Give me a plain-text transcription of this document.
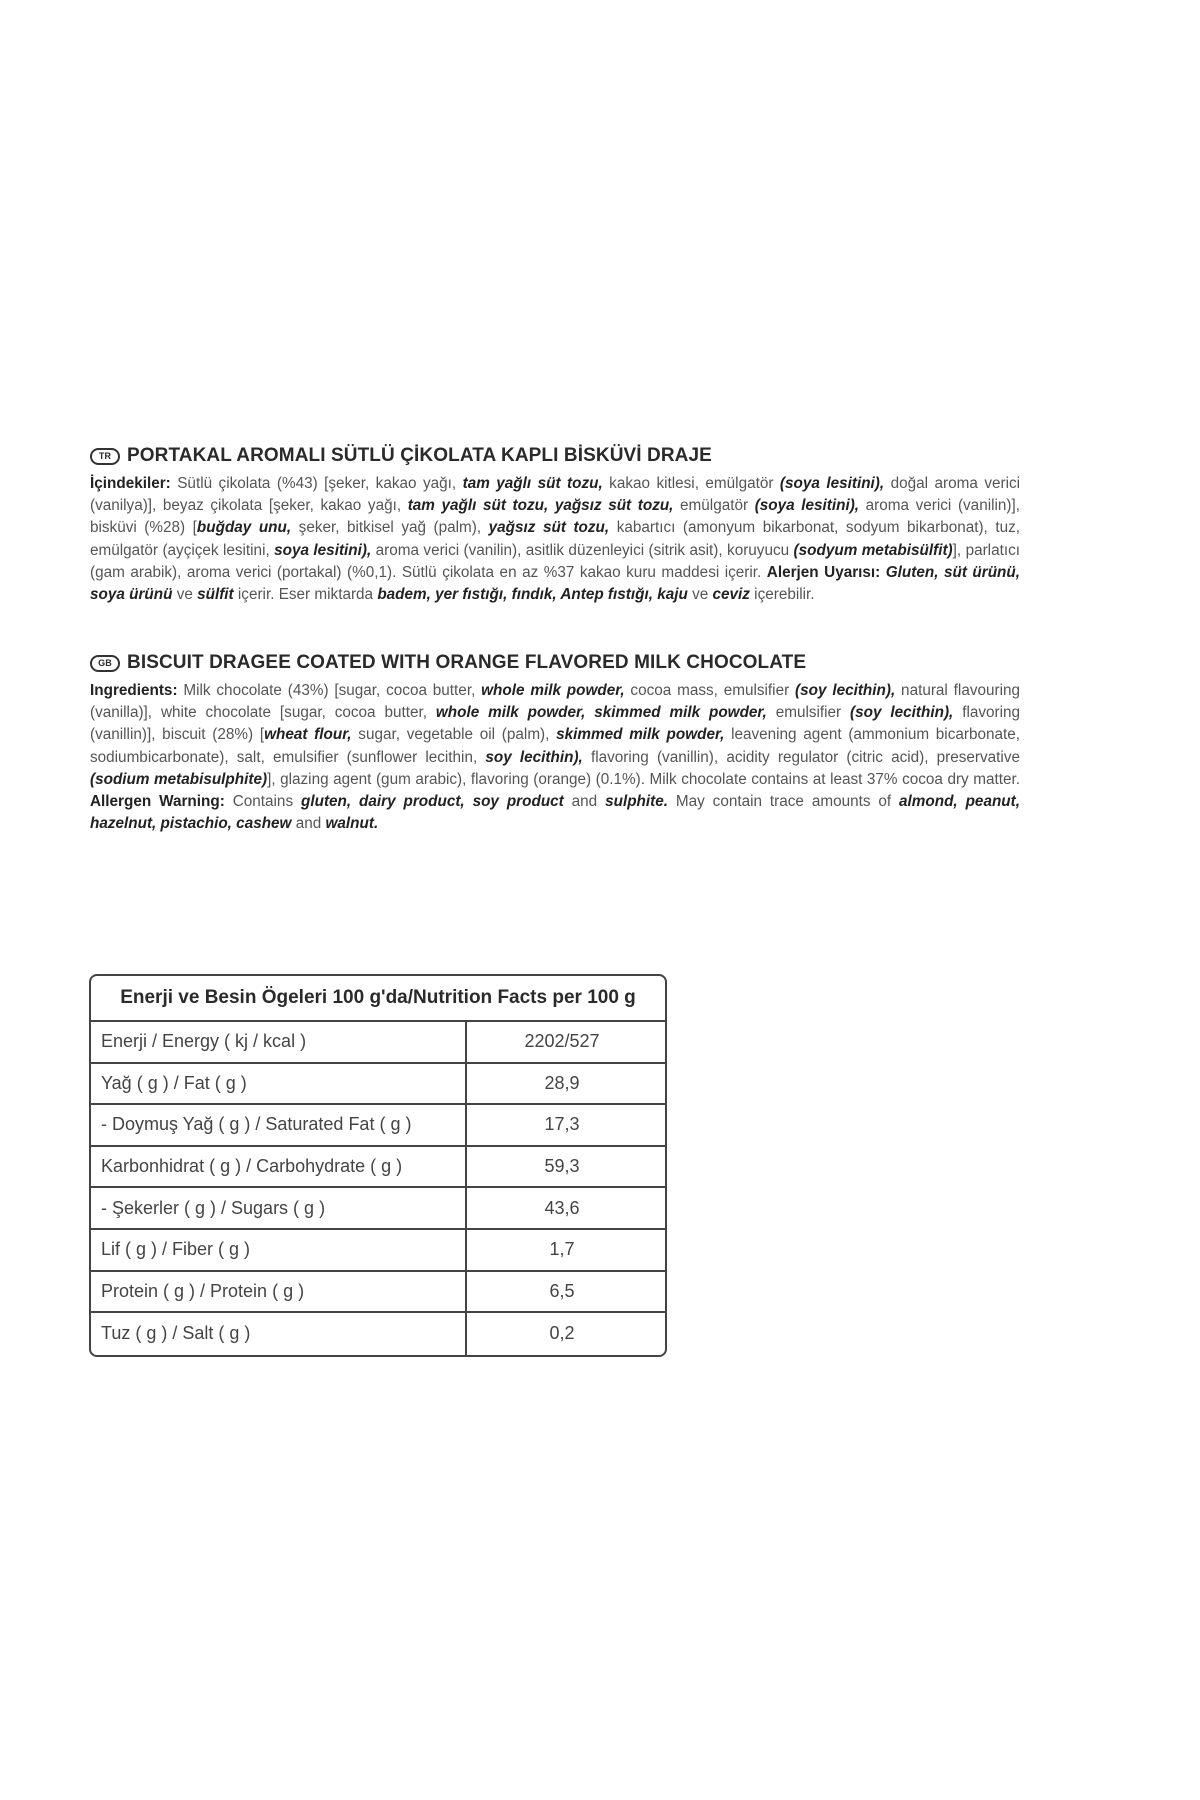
TR PORTAKAL AROMALI SÜTLÜ ÇİKOLATA KAPLI BİSKÜVİ DRAJE

İçindekiler: Sütlü çikolata (%43) [şeker, kakao yağı, tam yağlı süt tozu, kakao kitlesi, emülgatör (soya lesitini), doğal aroma verici (vanilya)], beyaz çikolata [şeker, kakao yağı, tam yağlı süt tozu, yağsız süt tozu, emülgatör (soya lesitini), aroma verici (vanilin)], bisküvi (%28) [buğday unu, şeker, bitkisel yağ (palm), yağsız süt tozu, kabartıcı (amonyum bikarbonat, sodyum bikarbonat), tuz, emülgatör (ayçiçek lesitini, soya lesitini), aroma verici (vanilin), asitlik düzenleyici (sitrik asit), koruyucu (sodyum metabisülfit)], parlatıcı (gam arabik), aroma verici (portakal) (%0,1). Sütlü çikolata en az %37 kakao kuru maddesi içerir. Alerjen Uyarısı: Gluten, süt ürünü, soya ürünü ve sülfit içerir. Eser miktarda badem, yer fıstığı, fındık, Antep fıstığı, kaju ve ceviz içerebilir.

GB BISCUIT DRAGEE COATED WITH ORANGE FLAVORED MILK CHOCOLATE

Ingredients: Milk chocolate (43%) [sugar, cocoa butter, whole milk powder, cocoa mass, emulsifier (soy lecithin), natural flavouring (vanilla)], white chocolate [sugar, cocoa butter, whole milk powder, skimmed milk powder, emulsifier (soy lecithin), flavoring (vanillin)], biscuit (28%) [wheat flour, sugar, vegetable oil (palm), skimmed milk powder, leavening agent (ammonium bicarbonate, sodiumbicarbonate), salt, emulsifier (sunflower lecithin, soy lecithin), flavoring (vanillin), acidity regulator (citric acid), preservative (sodium metabisulphite)], glazing agent (gum arabic), flavoring (orange) (0.1%). Milk chocolate contains at least 37% cocoa dry matter. Allergen Warning: Contains gluten, dairy product, soy product and sulphite. May contain trace amounts of almond, peanut, hazelnut, pistachio, cashew and walnut.

Enerji ve Besin Ögeleri 100 g'da/Nutrition Facts per 100 g
Enerji / Energy ( kj / kcal )	2202/527
Yağ ( g ) / Fat ( g )	28,9
- Doymuş Yağ ( g ) / Saturated Fat ( g )	17,3
Karbonhidrat ( g ) / Carbohydrate ( g )	59,3
- Şekerler ( g ) / Sugars ( g )	43,6
Lif ( g ) / Fiber ( g )	1,7
Protein ( g ) / Protein ( g )	6,5
Tuz ( g ) / Salt ( g )	0,2
